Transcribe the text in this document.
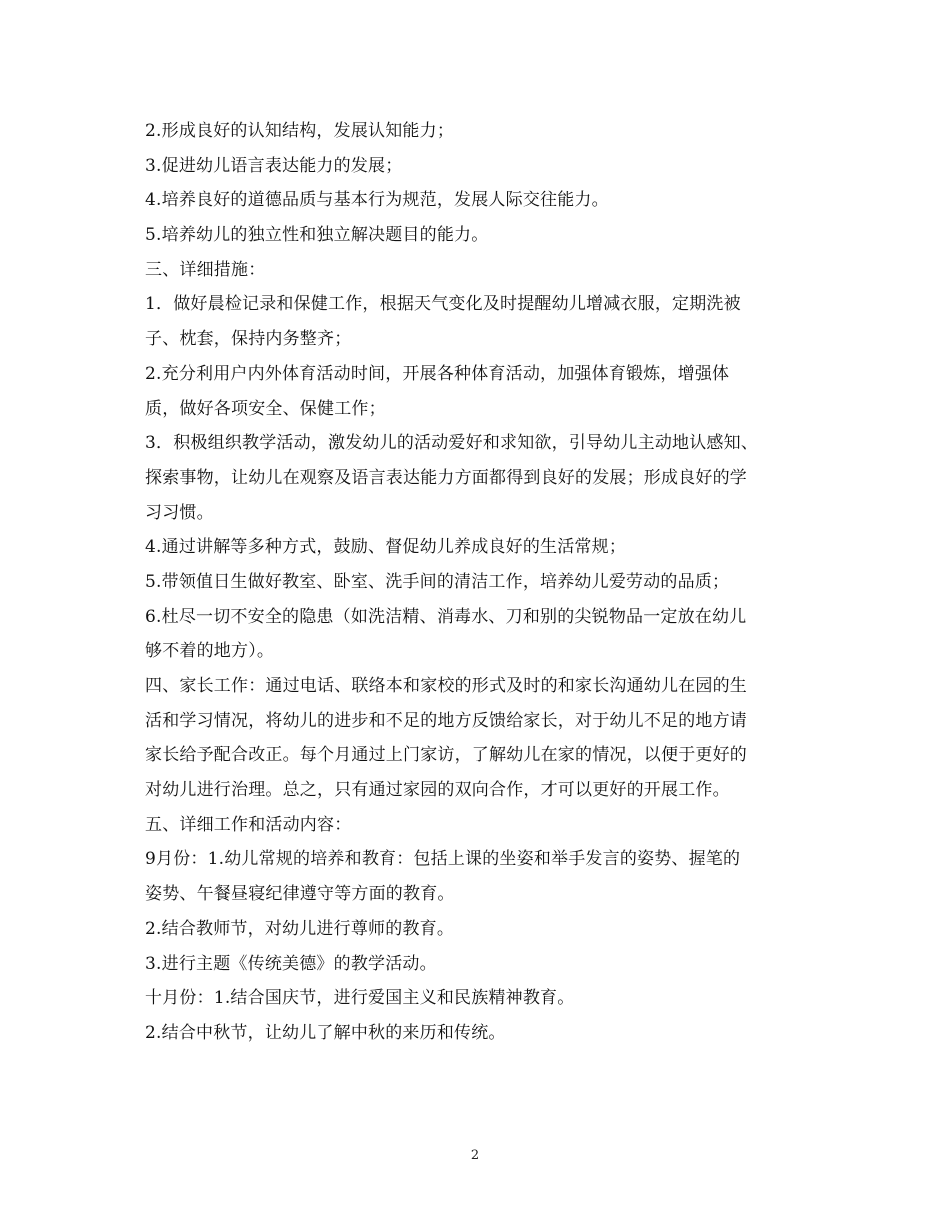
2.形成良好的认知结构，发展认知能力；
3.促进幼儿语言表达能力的发展；
4.培养良好的道德品质与基本行为规范，发展人际交往能力。
5.培养幼儿的独立性和独立解决题目的能力。
三、详细措施：
1．做好晨检记录和保健工作，根据天气变化及时提醒幼儿增减衣服，定期洗被
子、枕套，保持内务整齐；
2.充分利用户内外体育活动时间，开展各种体育活动，加强体育锻炼，增强体
质，做好各项安全、保健工作；
3．积极组织教学活动，激发幼儿的活动爱好和求知欲，引导幼儿主动地认感知、
探索事物，让幼儿在观察及语言表达能力方面都得到良好的发展；形成良好的学
习习惯。
4.通过讲解等多种方式，鼓励、督促幼儿养成良好的生活常规；
5.带领值日生做好教室、卧室、洗手间的清洁工作，培养幼儿爱劳动的品质；
6.杜尽一切不安全的隐患（如洗洁精、消毒水、刀和别的尖锐物品一定放在幼儿
够不着的地方）。
四、家长工作：通过电话、联络本和家校的形式及时的和家长沟通幼儿在园的生
活和学习情况，将幼儿的进步和不足的地方反馈给家长，对于幼儿不足的地方请
家长给予配合改正。每个月通过上门家访，了解幼儿在家的情况，以便于更好的
对幼儿进行治理。总之，只有通过家园的双向合作，才可以更好的开展工作。
五、详细工作和活动内容：
9月份：1.幼儿常规的培养和教育：包括上课的坐姿和举手发言的姿势、握笔的
姿势、午餐昼寝纪律遵守等方面的教育。
2.结合教师节，对幼儿进行尊师的教育。
3.进行主题《传统美德》的教学活动。
十月份：1.结合国庆节，进行爱国主义和民族精神教育。
2.结合中秋节，让幼儿了解中秋的来历和传统。
2
